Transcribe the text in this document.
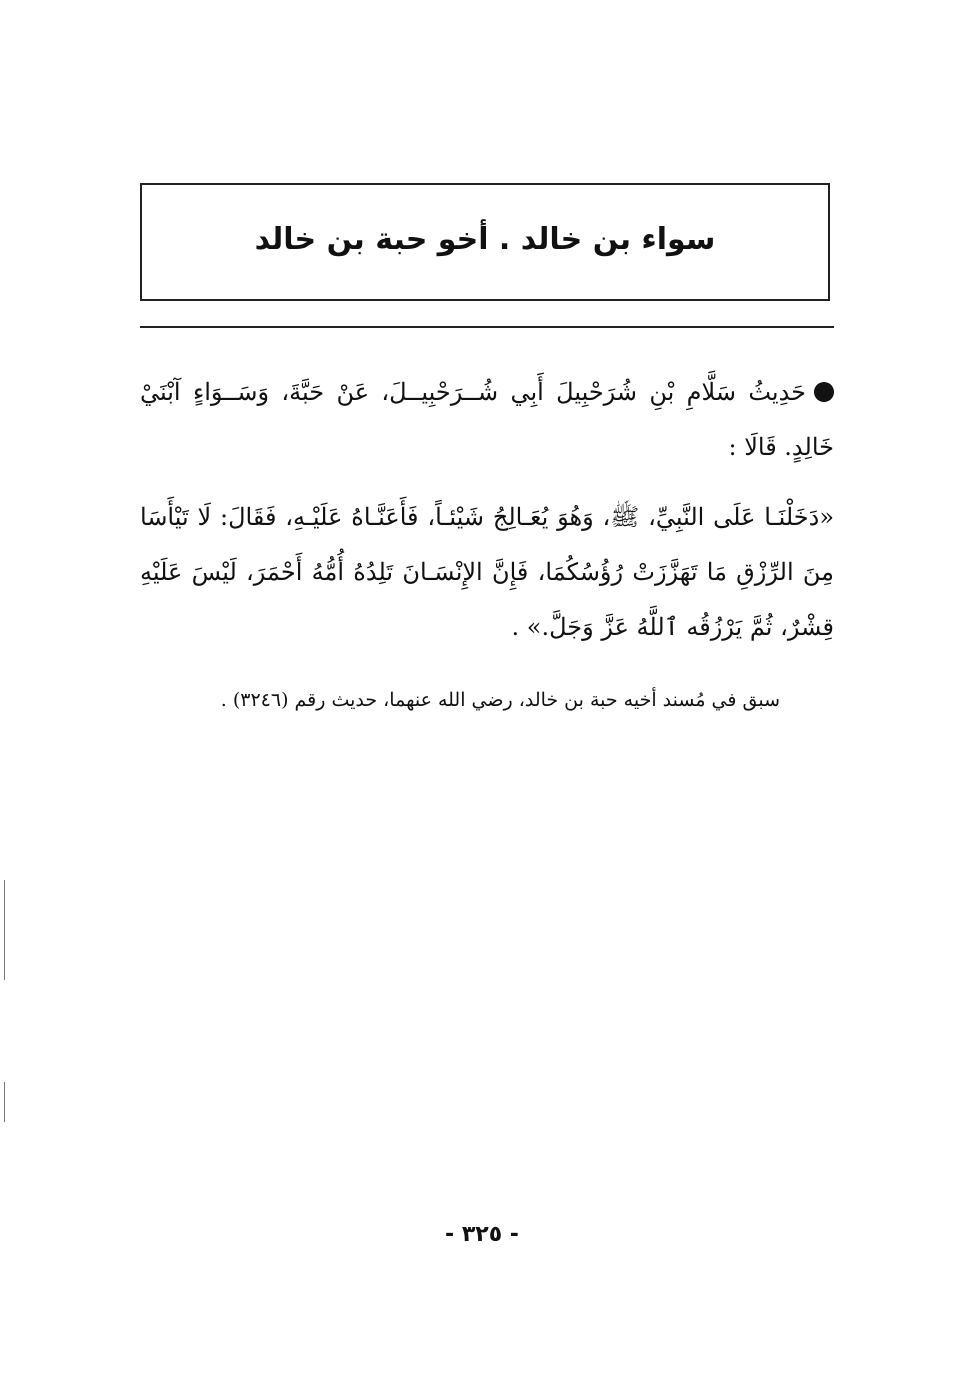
سواء بن خالد . أخو حبة بن خالد
حَدِيثُ سَلَّامِ بْنِ شُرَحْبِيلَ أَبِي شُــرَحْبِيــلَ، عَنْ حَبَّةَ، وَسَــوَاءٍ آبْنَيْ خَالِدٍ. قَالَا :
«دَخَلْنَـا عَلَى النَّبِيِّ، ﷺ، وَهُوَ يُعَـالِجُ شَيْئـاً، فَأَعَنَّـاهُ عَلَيْـهِ، فَقَالَ: لَا تَيْأَسَا مِنَ الرِّزْقِ مَا تَهَزَّزَتْ رُؤُسُكُمَا، فَإِنَّ الإِنْسَـانَ تَلِدُهُ أُمُّهُ أَحْمَرَ، لَيْسَ عَلَيْهِ قِشْرٌ، ثُمَّ يَرْزُقُه ٱللَّهُ عَزَّ وَجَلَّ.» .
سبق في مُسند أخيه حبة بن خالد، رضي الله عنهما، حديث رقم (٣٢٤٦) .
- ٣٢٥ -
